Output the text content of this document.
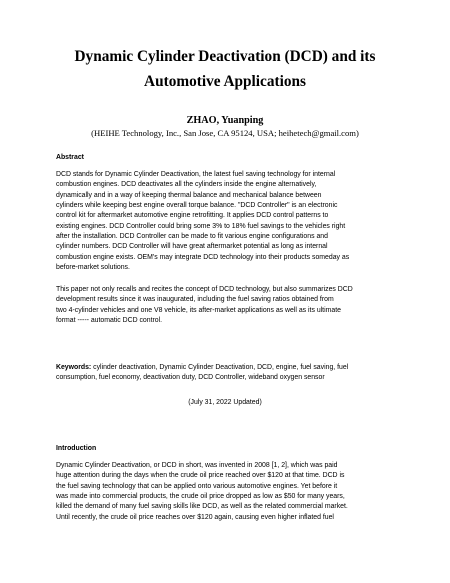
Dynamic Cylinder Deactivation (DCD) and its
Automotive Applications

ZHAO, Yuanping

(HEIHE Technology, Inc., San Jose, CA 95124, USA; heihetech@gmail.com)

Abstract
DCD stands for Dynamic Cylinder Deactivation, the latest fuel saving technology for internal
combustion engines. DCD deactivates all the cylinders inside the engine alternatively,
dynamically and in a way of keeping thermal balance and mechanical balance between
cylinders while keeping best engine overall torque balance. "DCD Controller" is an electronic
control kit for aftermarket automotive engine retrofitting. It applies DCD control patterns to
existing engines. DCD Controller could bring some 3% to 18% fuel savings to the vehicles right
after the installation. DCD Controller can be made to fit various engine configurations and
cylinder numbers. DCD Controller will have great aftermarket potential as long as internal
combustion engine exists. OEM's may integrate DCD technology into their products someday as
before-market solutions.
This paper not only recalls and recites the concept of DCD technology, but also summarizes DCD
development results since it was inaugurated, including the fuel saving ratios obtained from
two 4-cylinder vehicles and one V8 vehicle, its after-market applications as well as its ultimate
format ----- automatic DCD control.
Keywords: cylinder deactivation, Dynamic Cylinder Deactivation, DCD, engine, fuel saving, fuel
consumption, fuel economy, deactivation duty, DCD Controller, wideband oxygen sensor

(July 31, 2022 Updated)

Introduction
Dynamic Cylinder Deactivation, or DCD in short, was invented in 2008 [1, 2], which was paid
huge attention during the days when the crude oil price reached over $120 at that time. DCD is
the fuel saving technology that can be applied onto various automotive engines. Yet before it
was made into commercial products, the crude oil price dropped as low as $50 for many years,
killed the demand of many fuel saving skills like DCD, as well as the related commercial market.
Until recently, the crude oil price reaches over $120 again, causing even higher inflated fuel
